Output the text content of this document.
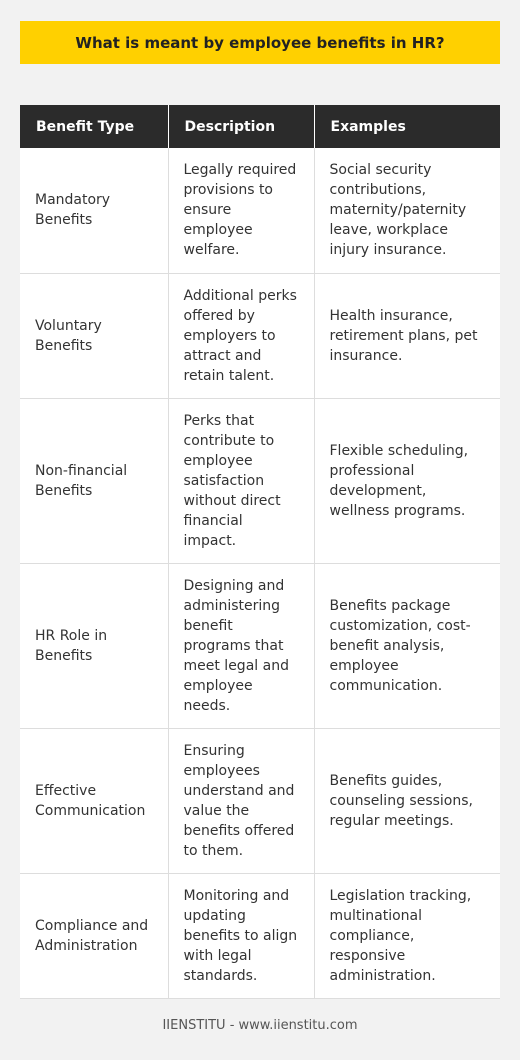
What is meant by employee benefits in HR?
Benefit Type	Description	Examples
Mandatory Benefits	Legally required provisions to ensure employee welfare.	Social security contributions, maternity/paternity leave, workplace injury insurance.
Voluntary Benefits	Additional perks offered by employers to attract and retain talent.	Health insurance, retirement plans, pet insurance.
Non-financial Benefits	Perks that contribute to employee satisfaction without direct financial impact.	Flexible scheduling, professional development, wellness programs.
HR Role in Benefits	Designing and administering benefit programs that meet legal and employee needs.	Benefits package customization, cost-benefit analysis, employee communication.
Effective Communication	Ensuring employees understand and value the benefits offered to them.	Benefits guides, counseling sessions, regular meetings.
Compliance and Administration	Monitoring and updating benefits to align with legal standards.	Legislation tracking, multinational compliance, responsive administration.
IIENSTITU - www.iienstitu.com
